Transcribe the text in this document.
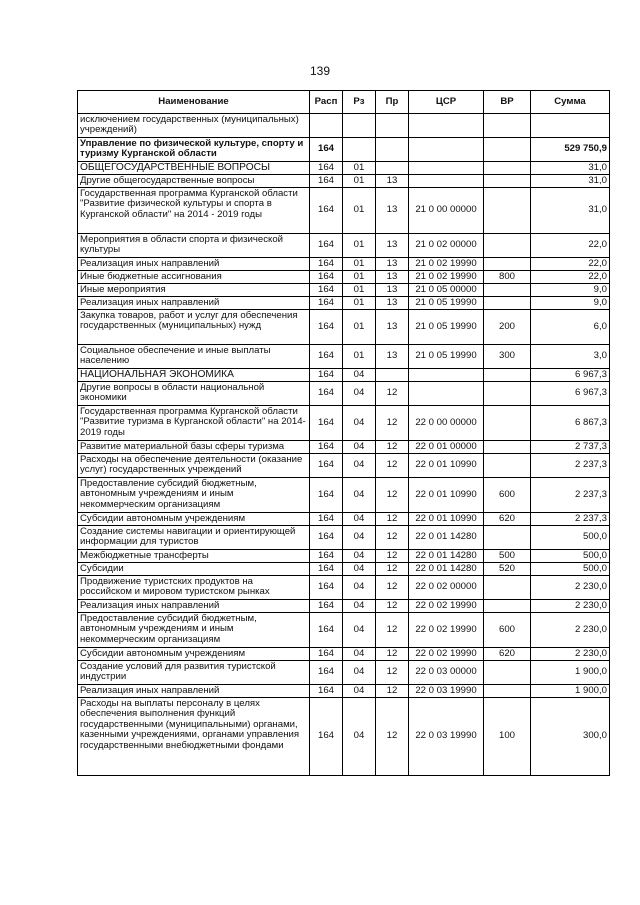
139
Наименование	Расп	Рз	Пр	ЦСР	ВР	Сумма
исключением государственных (муниципальных) учреждений)						
Управление по физической культуре, спорту и туризму Курганской области	164					529 750,9
ОБЩЕГОСУДАРСТВЕННЫЕ ВОПРОСЫ	164	01				31,0
Другие общегосударственные вопросы	164	01	13			31,0
Государственная программа Курганской области "Развитие физической культуры и спорта в Курганской области" на 2014 - 2019 годы	164	01	13	21 0 00 00000		31,0
Мероприятия в области спорта и физической культуры	164	01	13	21 0 02 00000		22,0
Реализация иных направлений	164	01	13	21 0 02 19990		22,0
Иные бюджетные ассигнования	164	01	13	21 0 02 19990	800	22,0
Иные мероприятия	164	01	13	21 0 05 00000		9,0
Реализация иных направлений	164	01	13	21 0 05 19990		9,0
Закупка товаров, работ и услуг для обеспечения государственных (муниципальных) нужд	164	01	13	21 0 05 19990	200	6,0
Социальное обеспечение и иные выплаты населению	164	01	13	21 0 05 19990	300	3,0
НАЦИОНАЛЬНАЯ ЭКОНОМИКА	164	04				6 967,3
Другие вопросы в области национальной экономики	164	04	12			6 967,3
Государственная программа Курганской области "Развитие туризма в Курганской области" на 2014-2019 годы	164	04	12	22 0 00 00000		6 867,3
Развитие материальной базы сферы туризма	164	04	12	22 0 01 00000		2 737,3
Расходы на обеспечение деятельности (оказание услуг) государственных учреждений	164	04	12	22 0 01 10990		2 237,3
Предоставление субсидий бюджетным, автономным учреждениям и иным некоммерческим организациям	164	04	12	22 0 01 10990	600	2 237,3
Субсидии автономным учреждениям	164	04	12	22 0 01 10990	620	2 237,3
Создание системы навигации и ориентирующей информации для туристов	164	04	12	22 0 01 14280		500,0
Межбюджетные трансферты	164	04	12	22 0 01 14280	500	500,0
Субсидии	164	04	12	22 0 01 14280	520	500,0
Продвижение туристских продуктов на российском и мировом туристском рынках	164	04	12	22 0 02 00000		2 230,0
Реализация иных направлений	164	04	12	22 0 02 19990		2 230,0
Предоставление субсидий бюджетным, автономным учреждениям и иным некоммерческим организациям	164	04	12	22 0 02 19990	600	2 230,0
Субсидии автономным учреждениям	164	04	12	22 0 02 19990	620	2 230,0
Создание условий для развития туристской индустрии	164	04	12	22 0 03 00000		1 900,0
Реализация иных направлений	164	04	12	22 0 03 19990		1 900,0
Расходы на выплаты персоналу в целях обеспечения выполнения функций государственными (муниципальными) органами, казенными учреждениями, органами управления государственными внебюджетными фондами	164	04	12	22 0 03 19990	100	300,0
